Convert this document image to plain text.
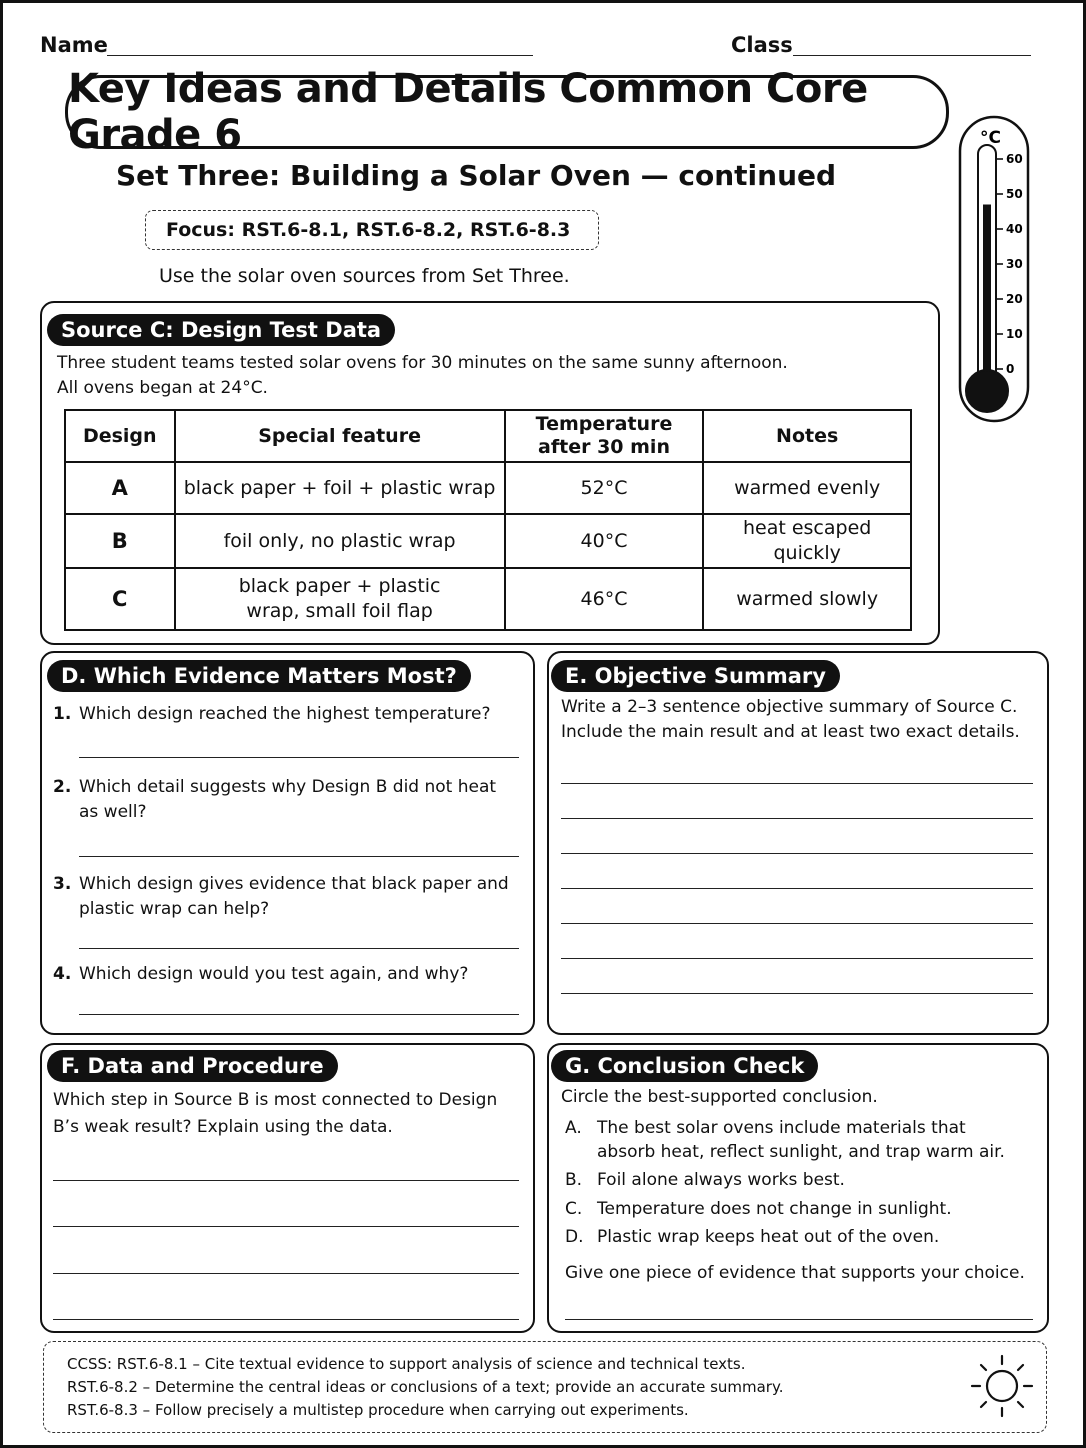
Name	Class
Key Ideas and Details Common Core Grade 6
Set Three: Building a Solar Oven — continued
Focus: RST.6-8.1, RST.6-8.2, RST.6-8.3
Use the solar oven sources from Set Three.
°C
60
50
40
30
20
10
0
Source C: Design Test Data
Three student teams tested solar ovens for 30 minutes on the same sunny afternoon.
All ovens began at 24°C.
Design	Special feature	Temperature after 30 min	Notes
A	black paper + foil + plastic wrap	52°C	warmed evenly
B	foil only, no plastic wrap	40°C	heat escaped quickly
C	black paper + plastic wrap, small foil flap	46°C	warmed slowly
D. Which Evidence Matters Most?
1. Which design reached the highest temperature?
2. Which detail suggests why Design B did not heat as well?
3. Which design gives evidence that black paper and plastic wrap can help?
4. Which design would you test again, and why?
E. Objective Summary
Write a 2–3 sentence objective summary of Source C. Include the main result and at least two exact details.
F. Data and Procedure
Which step in Source B is most connected to Design B’s weak result? Explain using the data.
G. Conclusion Check
Circle the best-supported conclusion.
A. The best solar ovens include materials that absorb heat, reflect sunlight, and trap warm air.
B. Foil alone always works best.
C. Temperature does not change in sunlight.
D. Plastic wrap keeps heat out of the oven.
Give one piece of evidence that supports your choice.
CCSS: RST.6-8.1 – Cite textual evidence to support analysis of science and technical texts.
RST.6-8.2 – Determine the central ideas or conclusions of a text; provide an accurate summary.
RST.6-8.3 – Follow precisely a multistep procedure when carrying out experiments.
